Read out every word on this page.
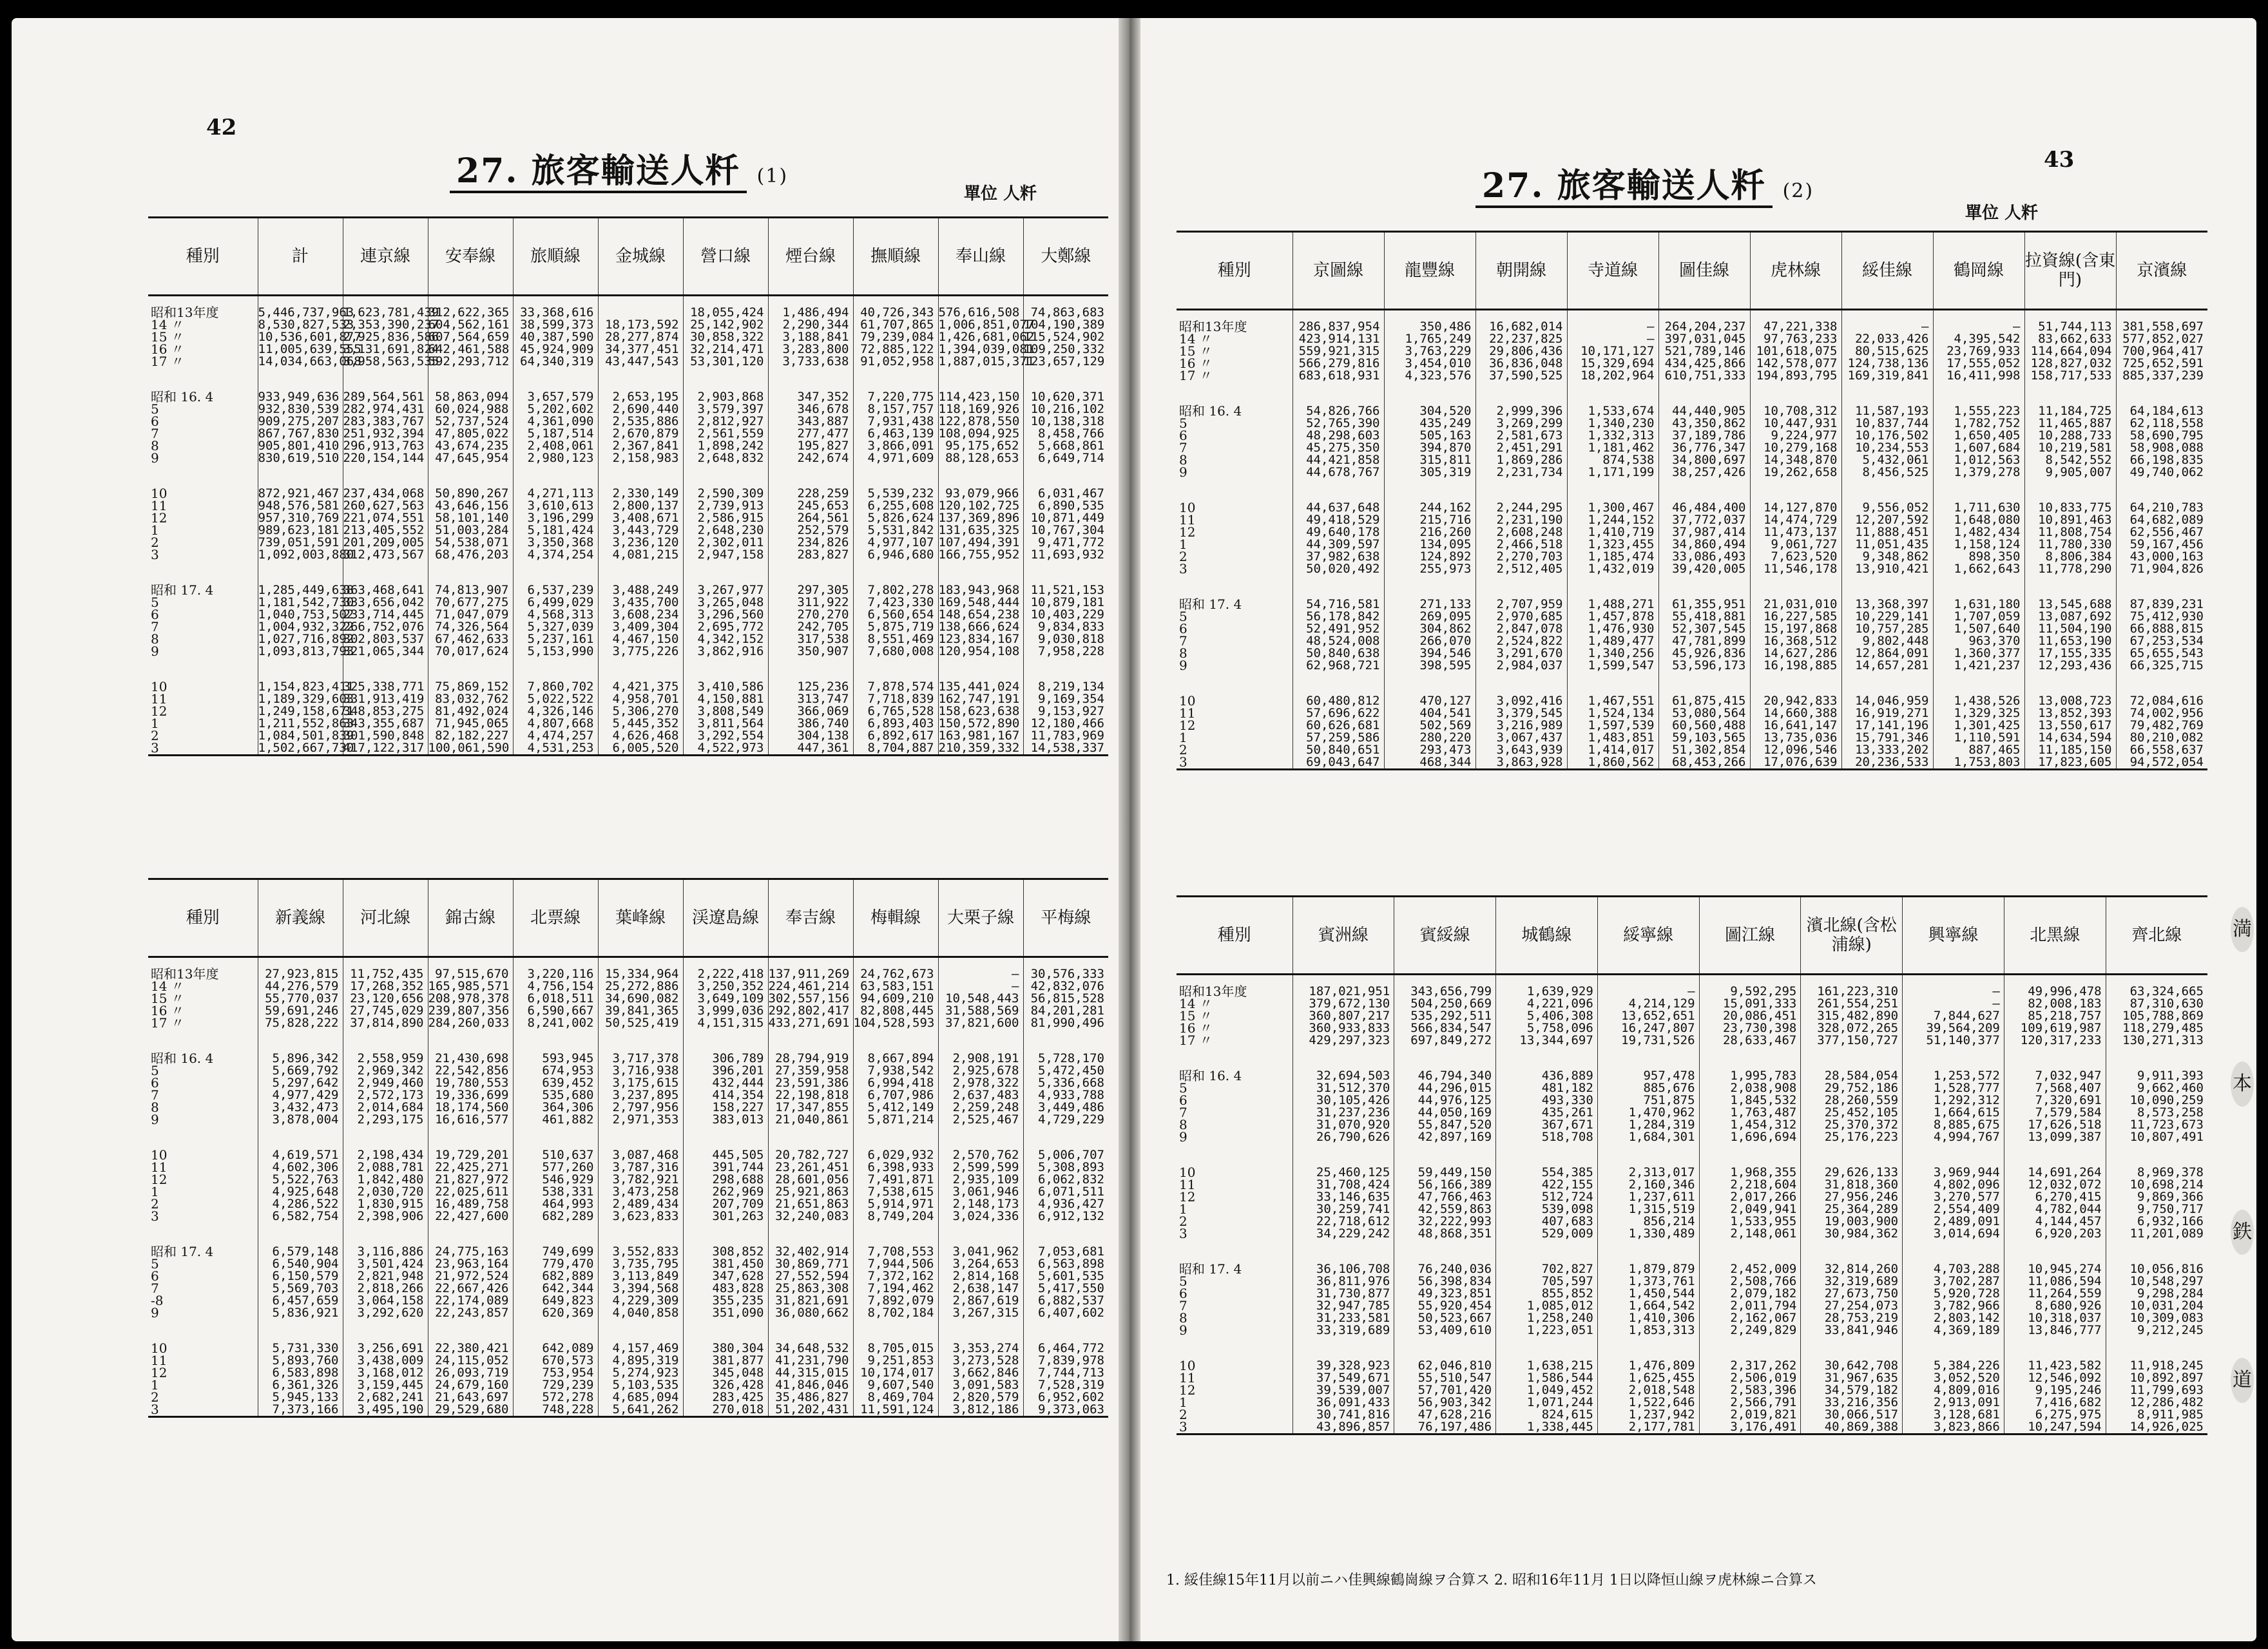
42
27. 旅客輸送人粁 (1)
單位 人粁
種別	計	連京線	安奉線	旅順線	金城線	營口線	煙台線	撫順線	奉山線	大鄭線

昭和13年度	5,446,737,963	1,623,781,439	312,622,365	33,368,616		18,055,424	1,486,494	40,726,343	576,616,508	74,863,683
14 〃	8,530,827,533	2,353,390,237	604,562,161	38,599,373	18,173,592	25,142,902	2,290,344	61,707,865	1,006,851,077	104,190,389
15 〃	10,536,601,877	2,925,836,586	607,564,659	40,387,590	28,277,874	30,858,322	3,188,841	79,239,084	1,426,681,062	115,524,902
16 〃	11,005,639,555	3,131,691,824	642,461,588	45,924,909	34,377,451	32,214,471	3,283,800	72,885,122	1,394,039,081	109,250,332
17 〃	14,034,663,068	3,958,563,535	592,293,712	64,340,319	43,447,543	53,301,120	3,733,638	91,052,958	1,887,015,371	123,657,129

昭和 16. 4	933,949,636	289,564,561	58,863,094	3,657,579	2,653,195	2,903,868	347,352	7,220,775	114,423,150	10,620,371
5	932,830,539	282,974,431	60,024,988	5,202,602	2,690,440	3,579,397	346,678	8,157,757	118,169,926	10,216,102
6	909,275,207	283,383,767	52,737,524	4,361,090	2,535,886	2,812,927	343,887	7,931,438	122,878,550	10,138,318
7	867,767,830	251,932,394	47,805,022	5,187,514	2,670,879	2,561,559	277,477	6,463,139	108,094,925	8,458,766
8	905,801,410	296,913,763	43,674,235	2,408,061	2,367,841	1,898,242	195,827	3,866,091	95,175,652	5,668,861
9	830,619,510	220,154,144	47,645,954	2,980,123	2,158,983	2,648,832	242,674	4,971,609	88,128,653	6,649,714

10	872,921,467	237,434,068	50,890,267	4,271,113	2,330,149	2,590,309	228,259	5,539,232	93,079,966	6,031,467
11	948,576,581	260,627,563	43,646,156	3,610,613	2,800,137	2,739,913	245,653	6,255,608	120,102,725	6,890,535
12	957,310,769	221,074,551	58,101,140	3,196,299	3,408,671	2,586,915	264,561	5,826,624	137,369,896	10,871,449
1	989,623,181	213,405,552	51,003,284	5,181,424	3,443,729	2,648,230	252,579	5,531,842	131,635,325	10,767,304
2	739,051,591	201,209,005	54,538,071	3,350,368	3,236,120	2,302,011	234,826	4,977,107	107,494,391	9,471,772
3	1,092,003,880	312,473,567	68,476,203	4,374,254	4,081,215	2,947,158	283,827	6,946,680	166,755,952	11,693,932

昭和 17. 4	1,285,449,638	363,468,641	74,813,907	6,537,239	3,488,249	3,267,977	297,305	7,802,278	183,943,968	11,521,153
5	1,181,542,730	333,656,042	70,677,275	6,499,029	3,435,700	3,265,048	311,922	7,423,330	169,548,444	10,879,181
6	1,040,753,502	233,714,445	71,047,079	4,568,313	3,608,234	3,296,560	270,270	6,560,654	148,654,238	10,403,229
7	1,004,932,322	266,752,076	74,326,564	5,327,039	3,409,304	2,695,772	242,705	5,875,719	138,666,624	9,834,833
8	1,027,716,892	302,803,537	67,462,633	5,237,161	4,467,150	4,342,152	317,538	8,551,469	123,834,167	9,030,818
9	1,093,813,793	321,065,344	70,017,624	5,153,990	3,775,226	3,862,916	350,907	7,680,008	120,954,108	7,958,228

10	1,154,823,411	325,338,771	75,869,152	7,860,702	4,421,375	3,410,586	125,236	7,878,574	135,441,024	8,219,134
11	1,189,329,603	331,913,419	83,032,762	5,022,522	4,958,701	4,150,881	313,747	7,718,839	162,747,191	9,169,354
12	1,249,158,671	348,853,275	81,492,024	4,326,146	5,306,270	3,808,549	366,069	6,765,528	158,623,638	9,153,927
1	1,211,552,863	343,355,687	71,945,065	4,807,668	5,445,352	3,811,564	386,740	6,893,403	150,572,890	12,180,466
2	1,084,501,839	301,590,848	82,182,227	4,474,257	4,626,468	3,292,554	304,138	6,892,617	163,981,167	11,783,969
3	1,502,667,730	417,122,317	100,061,590	4,531,253	6,005,520	4,522,973	447,361	8,704,887	210,359,332	14,538,337
種別	新義線	河北線	錦古線	北票線	葉峰線	渓遼島線	奉吉線	梅輯線	大栗子線	平梅線

昭和13年度	27,923,815	11,752,435	97,515,670	3,220,116	15,334,964	2,222,418	137,911,269	24,762,673	—	30,576,333
14 〃	44,276,579	17,268,352	165,985,571	4,756,154	25,272,886	3,250,352	224,461,214	63,583,151	—	42,832,076
15 〃	55,770,037	23,120,656	208,978,378	6,018,511	34,690,082	3,649,109	302,557,156	94,609,210	10,548,443	56,815,528
16 〃	59,691,246	27,745,029	239,807,356	6,590,667	39,841,365	3,999,036	292,802,417	82,808,445	31,588,569	84,201,281
17 〃	75,828,222	37,814,890	284,260,033	8,241,002	50,525,419	4,151,315	433,271,691	104,528,593	37,821,600	81,990,496

昭和 16. 4	5,896,342	2,558,959	21,430,698	593,945	3,717,378	306,789	28,794,919	8,667,894	2,908,191	5,728,170
5	5,669,792	2,969,342	22,542,856	674,953	3,716,938	396,201	27,359,958	7,938,542	2,925,678	5,472,450
6	5,297,642	2,949,460	19,780,553	639,452	3,175,615	432,444	23,591,386	6,994,418	2,978,322	5,336,668
7	4,977,429	2,572,173	19,336,699	535,680	3,237,895	414,354	22,198,818	6,707,986	2,637,483	4,933,788
8	3,432,473	2,014,684	18,174,560	364,306	2,797,956	158,227	17,347,855	5,412,149	2,259,248	3,449,486
9	3,878,004	2,293,175	16,616,577	461,882	2,971,353	383,013	21,040,861	5,871,214	2,525,467	4,729,229

10	4,619,571	2,198,434	19,729,201	510,637	3,087,468	445,505	20,782,727	6,029,932	2,570,762	5,006,707
11	4,602,306	2,088,781	22,425,271	577,260	3,787,316	391,744	23,261,451	6,398,933	2,599,599	5,308,893
12	5,522,763	1,842,480	21,827,972	546,929	3,782,921	298,688	28,601,056	7,491,871	2,935,109	6,062,832
1	4,925,648	2,030,720	22,025,611	538,331	3,473,258	262,969	25,921,863	7,538,615	3,061,946	6,071,511
2	4,286,522	1,830,915	16,489,758	464,993	2,489,434	207,709	21,651,863	5,914,971	2,148,173	4,936,427
3	6,582,754	2,398,906	22,427,600	682,289	3,623,833	301,263	32,240,083	8,749,204	3,024,336	6,912,132

昭和 17. 4	6,579,148	3,116,886	24,775,163	749,699	3,552,833	308,852	32,402,914	7,708,553	3,041,962	7,053,681
5	6,540,904	3,501,424	23,963,164	779,470	3,735,795	381,450	30,869,771	7,944,506	3,264,653	6,563,898
6	6,150,579	2,821,948	21,972,524	682,889	3,113,849	347,628	27,552,594	7,372,162	2,814,168	5,601,535
7	5,569,703	2,818,266	22,667,426	642,344	3,394,568	483,828	25,863,308	7,194,462	2,638,147	5,417,550
-8	6,457,659	3,064,158	22,174,089	649,823	4,229,309	355,235	31,821,691	7,892,079	2,867,619	6,882,537
9	5,836,921	3,292,620	22,243,857	620,369	4,040,858	351,090	36,080,662	8,702,184	3,267,315	6,407,602

10	5,731,330	3,256,691	22,380,421	642,089	4,157,469	380,304	34,648,532	8,705,015	3,353,274	6,464,772
11	5,893,760	3,438,009	24,115,052	670,573	4,895,319	381,877	41,231,790	9,251,853	3,273,528	7,839,978
12	6,583,898	3,168,012	26,093,719	753,954	5,274,923	345,048	44,315,015	10,174,017	3,662,846	7,744,713
1	6,361,326	3,159,445	24,679,160	729,239	5,103,535	326,428	41,846,046	9,607,540	3,091,583	7,528,319
2	5,945,133	2,682,241	21,643,697	572,278	4,685,094	283,425	35,486,827	8,469,704	2,820,579	6,952,602
3	7,373,166	3,495,190	29,529,680	748,228	5,641,262	270,018	51,202,431	11,591,124	3,812,186	9,373,063
43
27. 旅客輸送人粁 (2)
單位 人粁
種別	京圖線	龍豐線	朝開線	寺道線	圖佳線	虎林線	綏佳線	鶴岡線	拉資線(含東門)	京濱線

昭和13年度	286,837,954	350,486	16,682,014	—	264,204,237	47,221,338	—	—	51,744,113	381,558,697
14 〃	423,914,131	1,765,249	22,237,825	—	397,031,045	97,763,233	22,033,426	4,395,542	83,662,633	577,852,027
15 〃	559,921,315	3,763,229	29,806,436	10,171,127	521,789,146	101,618,075	80,515,625	23,769,933	114,664,094	700,964,417
16 〃	566,279,816	3,454,010	36,836,048	15,329,694	434,425,866	142,578,077	124,738,136	17,555,052	128,827,032	725,652,591
17 〃	683,618,931	4,323,576	37,590,525	18,202,964	610,751,333	194,893,795	169,319,841	16,411,998	158,717,533	885,337,239

昭和 16. 4	54,826,766	304,520	2,999,396	1,533,674	44,440,905	10,708,312	11,587,193	1,555,223	11,184,725	64,184,613
5	52,765,390	435,249	3,269,299	1,340,230	43,350,862	10,447,931	10,837,744	1,782,752	11,465,887	62,118,558
6	48,298,603	505,163	2,581,673	1,332,313	37,189,786	9,224,977	10,176,502	1,650,405	10,288,733	58,690,795
7	45,275,350	394,870	2,451,291	1,181,462	36,776,347	10,279,168	10,234,553	1,607,684	10,219,581	58,908,088
8	44,421,858	315,811	1,869,286	874,538	34,800,697	14,348,870	5,432,061	1,012,563	8,542,552	66,198,835
9	44,678,767	305,319	2,231,734	1,171,199	38,257,426	19,262,658	8,456,525	1,379,278	9,905,007	49,740,062

10	44,637,648	244,162	2,244,295	1,300,467	46,484,400	14,127,870	9,556,052	1,711,630	10,833,775	64,210,783
11	49,418,529	215,716	2,231,190	1,244,152	37,772,037	14,474,729	12,207,592	1,648,080	10,891,463	64,682,089
12	49,640,178	216,260	2,608,248	1,410,719	37,987,414	11,473,137	11,888,451	1,482,434	11,808,754	62,556,467
1	44,309,597	134,095	2,466,518	1,323,455	34,860,494	9,061,727	11,051,435	1,158,124	11,780,330	59,167,456
2	37,982,638	124,892	2,270,703	1,185,474	33,086,493	7,623,520	9,348,862	898,350	8,806,384	43,000,163
3	50,020,492	255,973	2,512,405	1,432,019	39,420,005	11,546,178	13,910,421	1,662,643	11,778,290	71,904,826

昭和 17. 4	54,716,581	271,133	2,707,959	1,488,271	61,355,951	21,031,010	13,368,397	1,631,180	13,545,688	87,839,231
5	56,178,842	269,095	2,970,685	1,457,878	55,418,881	16,227,585	10,229,141	1,707,059	13,087,692	75,412,930
6	52,491,952	304,862	2,847,078	1,476,930	52,307,545	15,197,868	10,757,285	1,507,640	11,504,190	66,888,815
7	48,524,008	266,070	2,524,822	1,489,477	47,781,899	16,368,512	9,802,448	963,370	11,653,190	67,253,534
8	50,840,638	394,546	3,291,670	1,340,256	45,926,836	14,627,286	12,864,091	1,360,377	17,155,335	65,655,543
9	62,968,721	398,595	2,984,037	1,599,547	53,596,173	16,198,885	14,657,281	1,421,237	12,293,436	66,325,715

10	60,480,812	470,127	3,092,416	1,467,551	61,875,415	20,942,833	14,046,959	1,438,526	13,008,723	72,084,616
11	57,696,622	404,541	3,379,545	1,524,134	53,080,564	14,660,388	16,919,271	1,329,325	13,852,393	74,002,956
12	60,626,681	502,569	3,216,989	1,597,539	60,560,488	16,641,147	17,141,196	1,301,425	13,550,617	79,482,769
1	57,259,586	280,220	3,067,437	1,483,851	59,103,565	13,735,036	15,791,346	1,110,591	14,634,594	80,210,082
2	50,840,651	293,473	3,643,939	1,414,017	51,302,854	12,096,546	13,333,202	887,465	11,185,150	66,558,637
3	69,043,647	468,344	3,863,928	1,860,562	68,453,266	17,076,639	20,236,533	1,753,803	17,823,605	94,572,054
種別	賓洲線	賓綏線	城鶴線	綏寧線	圖江線	濱北線(含松浦線)	興寧線	北黑線	齊北線

昭和13年度	187,021,951	343,656,799	1,639,929	—	9,592,295	161,223,310	—	49,996,478	63,324,665
14 〃	379,672,130	504,250,669	4,221,096	4,214,129	15,091,333	261,554,251	—	82,008,183	87,310,630
15 〃	360,807,217	535,292,511	5,406,308	13,652,651	20,086,451	315,482,890	7,844,627	85,218,757	105,788,869
16 〃	360,933,833	566,834,547	5,758,096	16,247,807	23,730,398	328,072,265	39,564,209	109,619,987	118,279,485
17 〃	429,297,323	697,849,272	13,344,697	19,731,526	28,633,467	377,150,727	51,140,377	120,317,233	130,271,313

昭和 16. 4	32,694,503	46,794,340	436,889	957,478	1,995,783	28,584,054	1,253,572	7,032,947	9,911,393
5	31,512,370	44,296,015	481,182	885,676	2,038,908	29,752,186	1,528,777	7,568,407	9,662,460
6	30,105,426	44,976,125	493,330	751,875	1,845,532	28,260,559	1,292,312	7,320,691	10,090,259
7	31,237,236	44,050,169	435,261	1,470,962	1,763,487	25,452,105	1,664,615	7,579,584	8,573,258
8	31,070,920	55,847,520	367,671	1,284,319	1,454,312	25,370,372	8,885,675	17,626,518	11,723,673
9	26,790,626	42,897,169	518,708	1,684,301	1,696,694	25,176,223	4,994,767	13,099,387	10,807,491

10	25,460,125	59,449,150	554,385	2,313,017	1,968,355	29,626,133	3,969,944	14,691,264	8,969,378
11	31,708,424	56,166,389	422,155	2,160,346	2,218,604	31,818,360	4,802,096	12,032,072	10,698,214
12	33,146,635	47,766,463	512,724	1,237,611	2,017,266	27,956,246	3,270,577	6,270,415	9,869,366
1	30,259,741	42,559,863	539,098	1,315,519	2,049,941	25,364,289	2,554,409	4,782,044	9,750,717
2	22,718,612	32,222,993	407,683	856,214	1,533,955	19,003,900	2,489,091	4,144,457	6,932,166
3	34,229,242	48,868,351	529,009	1,330,489	2,148,061	30,984,362	3,014,694	6,920,203	11,201,089

昭和 17. 4	36,106,708	76,240,036	702,827	1,879,879	2,452,009	32,814,260	4,703,288	10,945,274	10,056,816
5	36,811,976	56,398,834	705,597	1,373,761	2,508,766	32,319,689	3,702,287	11,086,594	10,548,297
6	31,730,877	49,323,851	855,852	1,450,544	2,079,182	27,673,750	5,920,728	11,264,559	9,298,284
7	32,947,785	55,920,454	1,085,012	1,664,542	2,011,794	27,254,073	3,782,966	8,680,926	10,031,204
8	31,233,581	50,523,667	1,258,240	1,410,306	2,162,067	28,753,219	2,803,142	10,318,037	10,309,083
9	33,319,689	53,409,610	1,223,051	1,853,313	2,249,829	33,841,946	4,369,189	13,846,777	9,212,245

10	39,328,923	62,046,810	1,638,215	1,476,809	2,317,262	30,642,708	5,384,226	11,423,582	11,918,245
11	37,549,671	55,510,547	1,586,544	1,625,455	2,506,019	31,967,635	3,052,520	12,546,092	10,892,897
12	39,539,007	57,701,420	1,049,452	2,018,548	2,583,396	34,579,182	4,809,016	9,195,246	11,799,693
1	36,091,433	56,903,342	1,071,244	1,522,646	2,566,791	33,216,356	2,913,091	7,416,682	12,286,482
2	30,741,816	47,628,216	824,615	1,237,942	2,019,821	30,066,517	3,128,681	6,275,975	8,911,985
3	43,896,857	76,197,486	1,338,445	2,177,781	3,176,491	40,869,388	3,823,866	10,247,594	14,926,025
1. 綏佳線15年11月以前ニハ佳興線鶴崗線ヲ合算ス 2. 昭和16年11月 1日以降恒山線ヲ虎林線ニ合算ス
満
本
鉄
道
